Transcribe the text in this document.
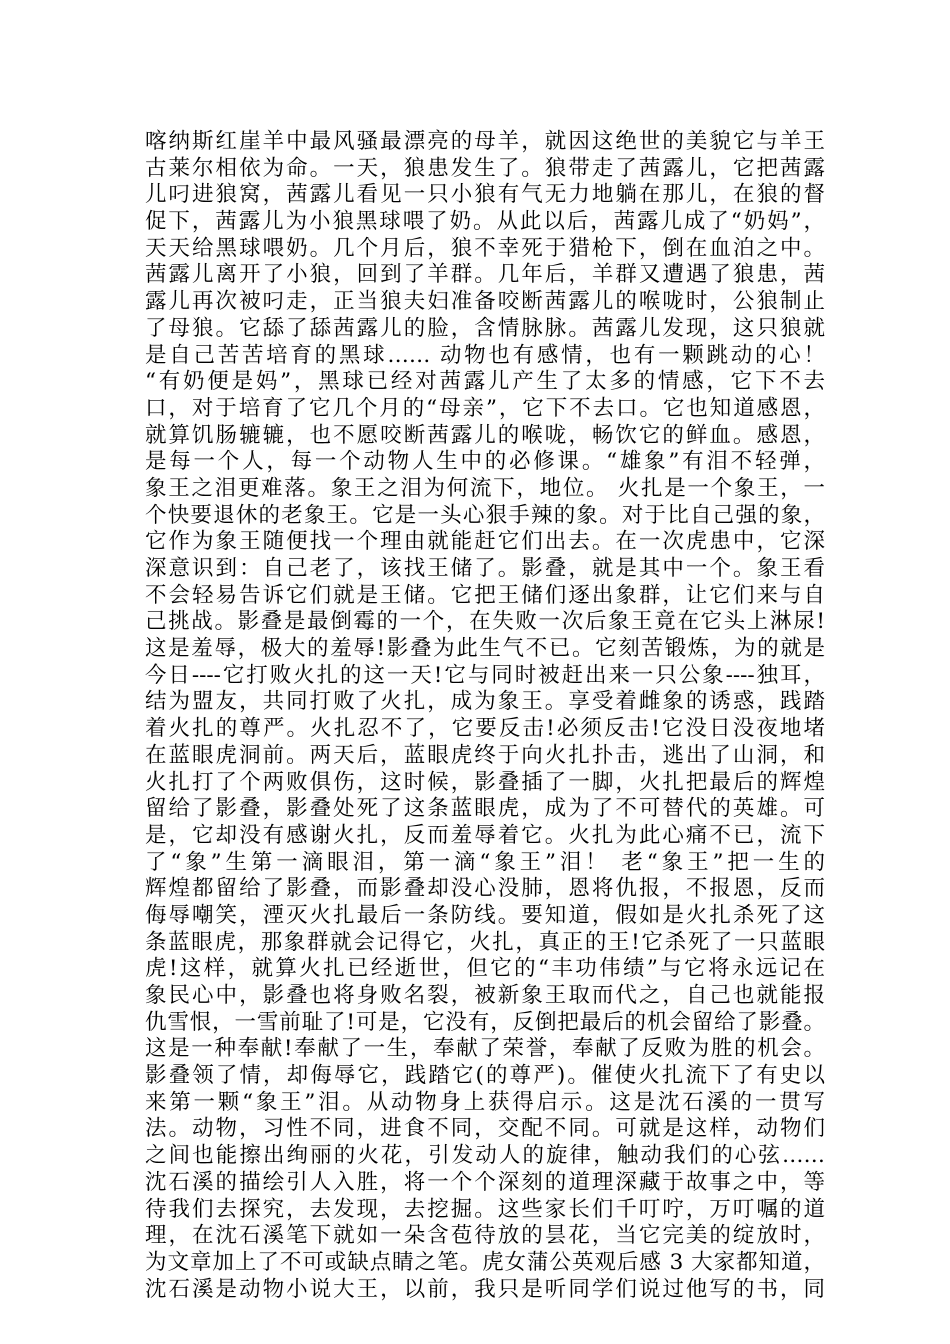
喀纳斯红崖羊中最风骚最漂亮的母羊，就因这绝世的美貌它与羊王
古莱尔相依为命。一天，狼患发生了。狼带走了茜露儿，它把茜露
儿叼进狼窝，茜露儿看见一只小狼有气无力地躺在那儿，在狼的督
促下，茜露儿为小狼黑球喂了奶。从此以后，茜露儿成了“奶妈”，
天天给黑球喂奶。几个月后，狼不幸死于猎枪下，倒在血泊之中。
茜露儿离开了小狼，回到了羊群。几年后，羊群又遭遇了狼患，茜
露儿再次被叼走，正当狼夫妇准备咬断茜露儿的喉咙时，公狼制止
了母狼。它舔了舔茜露儿的脸，含情脉脉。茜露儿发现，这只狼就
是自己苦苦培育的黑球…… 动物也有感情，也有一颗跳动的心！
“有奶便是妈”，黑球已经对茜露儿产生了太多的情感，它下不去
口，对于培育了它几个月的“母亲”，它下不去口。它也知道感恩，
就算饥肠辘辘，也不愿咬断茜露儿的喉咙，畅饮它的鲜血。感恩，
是每一个人，每一个动物人生中的必修课。“雄象”有泪不轻弹，
象王之泪更难落。象王之泪为何流下，地位。 火扎是一个象王，一
个快要退休的老象王。它是一头心狠手辣的象。对于比自己强的象，
它作为象王随便找一个理由就能赶它们出去。在一次虎患中，它深
深意识到：自己老了，该找王储了。影叠，就是其中一个。象王看
不会轻易告诉它们就是王储。它把王储们逐出象群，让它们来与自
己挑战。影叠是最倒霉的一个，在失败一次后象王竟在它头上淋尿!
这是羞辱，极大的羞辱!影叠为此生气不已。它刻苦锻炼，为的就是
今日----它打败火扎的这一天!它与同时被赶出来一只公象----独耳，
结为盟友，共同打败了火扎，成为象王。享受着雌象的诱惑，践踏
着火扎的尊严。火扎忍不了，它要反击!必须反击!它没日没夜地堵
在蓝眼虎洞前。两天后，蓝眼虎终于向火扎扑击，逃出了山洞，和
火扎打了个两败俱伤，这时候，影叠插了一脚，火扎把最后的辉煌
留给了影叠，影叠处死了这条蓝眼虎，成为了不可替代的英雄。可
是，它却没有感谢火扎，反而羞辱着它。火扎为此心痛不已，流下
了“象”生第一滴眼泪，第一滴“象王”泪！ 老“象王”把一生的
辉煌都留给了影叠，而影叠却没心没肺，恩将仇报，不报恩，反而
侮辱嘲笑，湮灭火扎最后一条防线。要知道，假如是火扎杀死了这
条蓝眼虎，那象群就会记得它，火扎，真正的王!它杀死了一只蓝眼
虎!这样，就算火扎已经逝世，但它的“丰功伟绩”与它将永远记在
象民心中，影叠也将身败名裂，被新象王取而代之，自己也就能报
仇雪恨，一雪前耻了!可是，它没有，反倒把最后的机会留给了影叠。
这是一种奉献!奉献了一生，奉献了荣誉，奉献了反败为胜的机会。
影叠领了情，却侮辱它，践踏它(的尊严)。催使火扎流下了有史以
来第一颗“象王”泪。从动物身上获得启示。这是沈石溪的一贯写
法。动物，习性不同，进食不同，交配不同。可就是这样，动物们
之间也能擦出绚丽的火花，引发动人的旋律，触动我们的心弦……
沈石溪的描绘引人入胜，将一个个深刻的道理深藏于故事之中，等
待我们去探究，去发现，去挖掘。这些家长们千叮咛，万叮嘱的道
理，在沈石溪笔下就如一朵含苞待放的昙花，当它完美的绽放时，
为文章加上了不可或缺点睛之笔。虎女蒲公英观后感 3 大家都知道，
沈石溪是动物小说大王，以前，我只是听同学们说过他写的书，同
